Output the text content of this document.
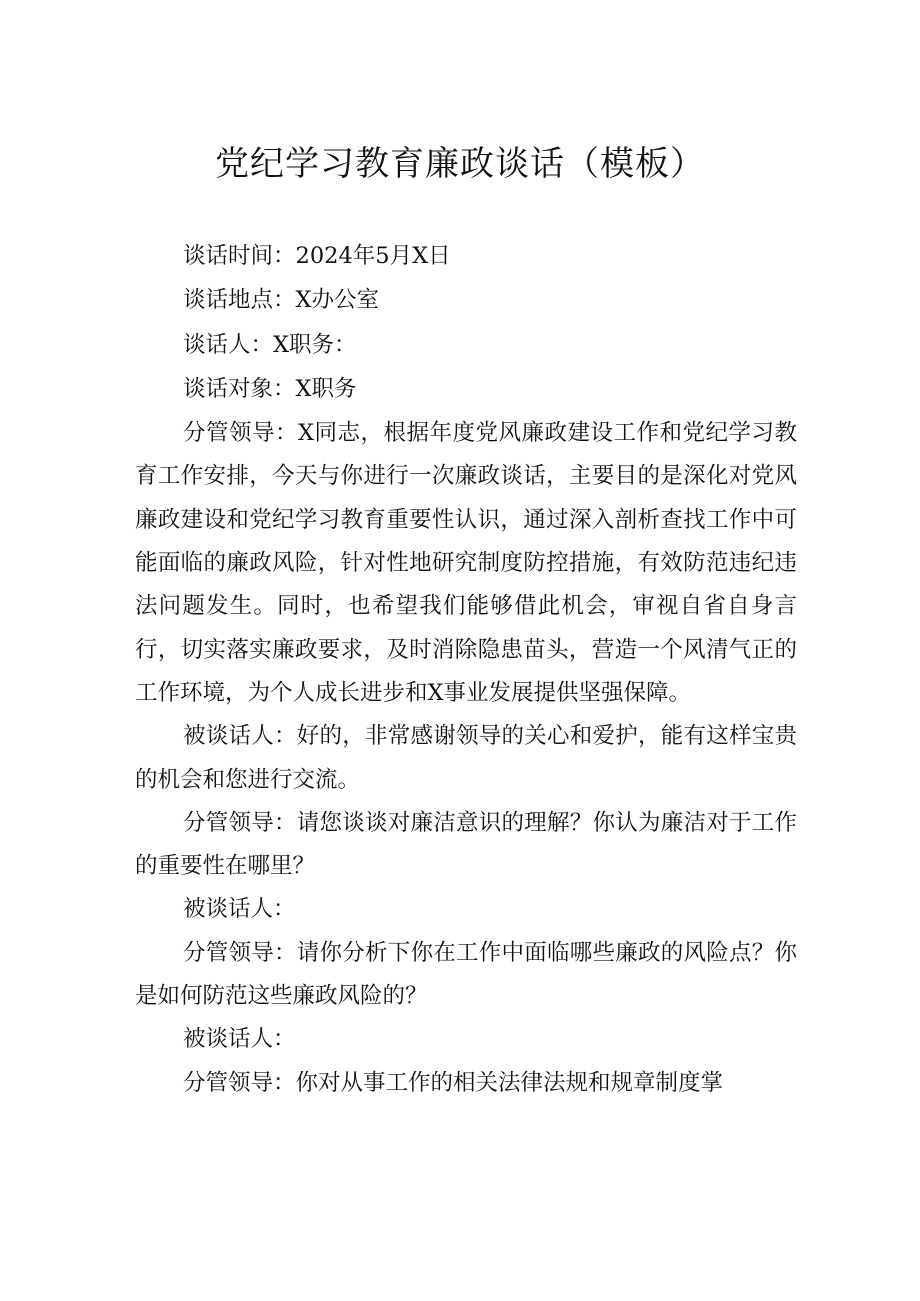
党纪学习教育廉政谈话（模板）

谈话时间：2024年5月X日

谈话地点：X办公室

谈话人：X职务：

谈话对象：X职务

分管领导：X同志，根据年度党风廉政建设工作和党纪学习教育工作安排，今天与你进行一次廉政谈话，主要目的是深化对党风廉政建设和党纪学习教育重要性认识，通过深入剖析查找工作中可能面临的廉政风险，针对性地研究制度防控措施，有效防范违纪违法问题发生。同时，也希望我们能够借此机会，审视自省自身言行，切实落实廉政要求，及时消除隐患苗头，营造一个风清气正的工作环境，为个人成长进步和X事业发展提供坚强保障。

被谈话人：好的，非常感谢领导的关心和爱护，能有这样宝贵的机会和您进行交流。

分管领导：请您谈谈对廉洁意识的理解？你认为廉洁对于工作的重要性在哪里？

被谈话人：

分管领导：请你分析下你在工作中面临哪些廉政的风险点？你是如何防范这些廉政风险的？

被谈话人：

分管领导：你对从事工作的相关法律法规和规章制度掌
